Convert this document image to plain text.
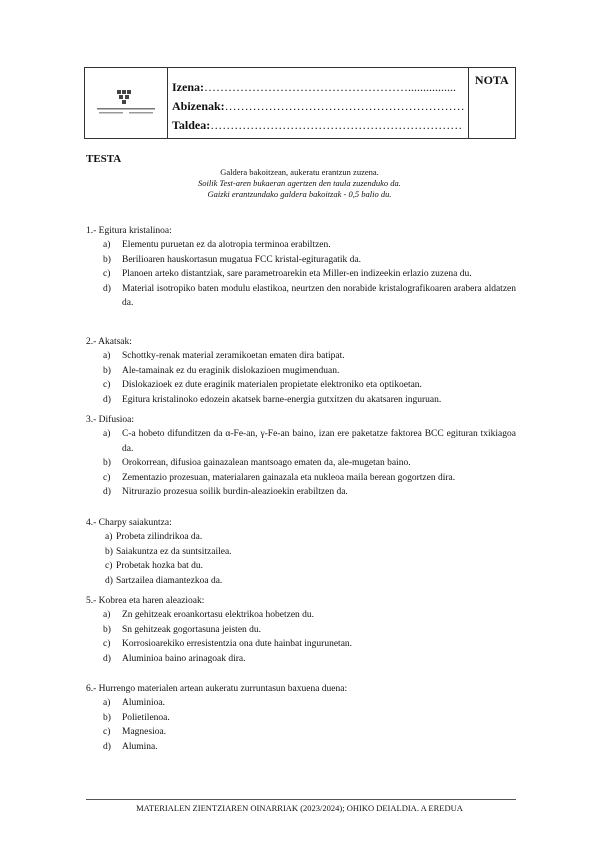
Izena:……………………………………………................
Abizenak:……………………………………………………
Taldea:………………………………………………………

NOTA
TESTA
Galdera bakoitzean, aukeratu erantzun zuzena.
Soilik Test-aren bukaeran agertzen den taula zuzenduko da.
Gaizki erantzundako galdera bakoitzak - 0,5 balio du.
1.- Egitura kristalinoa:
a) Elementu puruetan ez da alotropia terminoa erabiltzen.
b) Berilioaren hauskortasun mugatua FCC kristal-egituragatik da.
c) Planoen arteko distantziak, sare parametroarekin eta Miller-en indizeekin erlazio zuzena du.
d) Material isotropiko baten modulu elastikoa, neurtzen den norabide kristalografikoaren arabera aldatzen da.
2.- Akatsak:
a) Schottky-renak material zeramikoetan ematen dira batipat.
b) Ale-tamainak ez du eraginik dislokazioen mugimenduan.
c) Dislokazioek ez dute eraginik materialen propietate elektroniko eta optikoetan.
d) Egitura kristalinoko edozein akatsek barne-energia gutxitzen du akatsaren inguruan.
3.- Difusioa:
a) C-a hobeto difunditzen da α-Fe-an, γ-Fe-an baino, izan ere paketatze faktorea BCC egituran txikiagoa da.
b) Orokorrean, difusioa gainazalean mantsoago ematen da, ale-mugetan baino.
c) Zementazio prozesuan, materialaren gainazala eta nukleoa maila berean gogortzen dira.
d) Nitrurazio prozesua soilik burdin-aleazioekin erabiltzen da.
4.- Charpy saiakuntza:
a) Probeta zilindrikoa da.
b) Saiakuntza ez da suntsitzailea.
c) Probetak hozka bat du.
d) Sartzailea diamantezkoa da.
5.- Kobrea eta haren aleazioak:
a) Zn gehitzeak eroankortasu elektrikoa hobetzen du.
b) Sn gehitzeak gogortasuna jeisten du.
c) Korrosioarekiko erresistentzia ona dute hainbat ingurunetan.
d) Aluminioa baino arinagoak dira.
6.- Hurrengo materialen artean aukeratu zurruntasun baxuena duena:
a) Aluminioa.
b) Polietilenoa.
c) Magnesioa.
d) Alumina.
MATERIALEN ZIENTZIAREN OINARRIAK (2023/2024); OHIKO DEIALDIA. A EREDUA
